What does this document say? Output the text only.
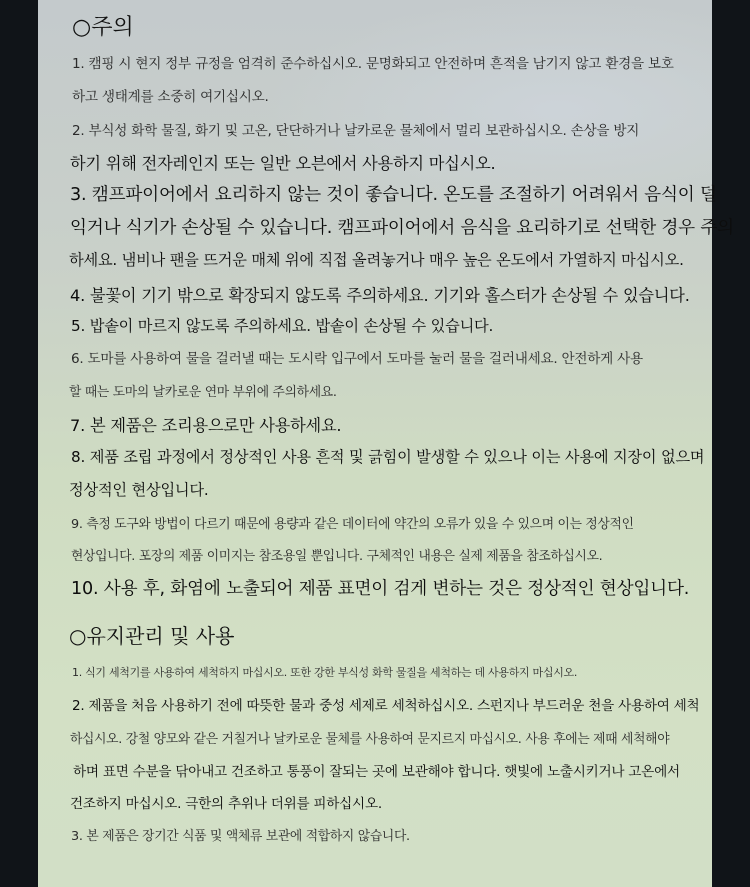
○주의
1. 캠핑 시 현지 정부 규정을 엄격히 준수하십시오. 문명화되고 안전하며 흔적을 남기지 않고 환경을 보호
하고 생태계를 소중히 여기십시오.
2. 부식성 화학 물질, 화기 및 고온, 단단하거나 날카로운 물체에서 멀리 보관하십시오. 손상을 방지
하기 위해 전자레인지 또는 일반 오븐에서 사용하지 마십시오.
3. 캠프파이어에서 요리하지 않는 것이 좋습니다. 온도를 조절하기 어려워서 음식이 덜
익거나 식기가 손상될 수 있습니다. 캠프파이어에서 음식을 요리하기로 선택한 경우 주의
하세요. 냄비나 팬을 뜨거운 매체 위에 직접 올려놓거나 매우 높은 온도에서 가열하지 마십시오.
4. 불꽃이 기기 밖으로 확장되지 않도록 주의하세요. 기기와 홀스터가 손상될 수 있습니다.
5. 밥솥이 마르지 않도록 주의하세요. 밥솥이 손상될 수 있습니다.
6. 도마를 사용하여 물을 걸러낼 때는 도시락 입구에서 도마를 눌러 물을 걸러내세요. 안전하게 사용
할 때는 도마의 날카로운 연마 부위에 주의하세요.
7. 본 제품은 조리용으로만 사용하세요.
8. 제품 조립 과정에서 정상적인 사용 흔적 및 긁힘이 발생할 수 있으나 이는 사용에 지장이 없으며
정상적인 현상입니다.
9. 측정 도구와 방법이 다르기 때문에 용량과 같은 데이터에 약간의 오류가 있을 수 있으며 이는 정상적인
현상입니다. 포장의 제품 이미지는 참조용일 뿐입니다. 구체적인 내용은 실제 제품을 참조하십시오.
10. 사용 후, 화염에 노출되어 제품 표면이 검게 변하는 것은 정상적인 현상입니다.
○유지관리 및 사용
1. 식기 세척기를 사용하여 세척하지 마십시오. 또한 강한 부식성 화학 물질을 세척하는 데 사용하지 마십시오.
2. 제품을 처음 사용하기 전에 따뜻한 물과 중성 세제로 세척하십시오. 스펀지나 부드러운 천을 사용하여 세척
하십시오. 강철 양모와 같은 거칠거나 날카로운 물체를 사용하여 문지르지 마십시오. 사용 후에는 제때 세척해야
하며 표면 수분을 닦아내고 건조하고 통풍이 잘되는 곳에 보관해야 합니다. 햇빛에 노출시키거나 고온에서
건조하지 마십시오. 극한의 추위나 더위를 피하십시오.
3. 본 제품은 장기간 식품 및 액체류 보관에 적합하지 않습니다.
